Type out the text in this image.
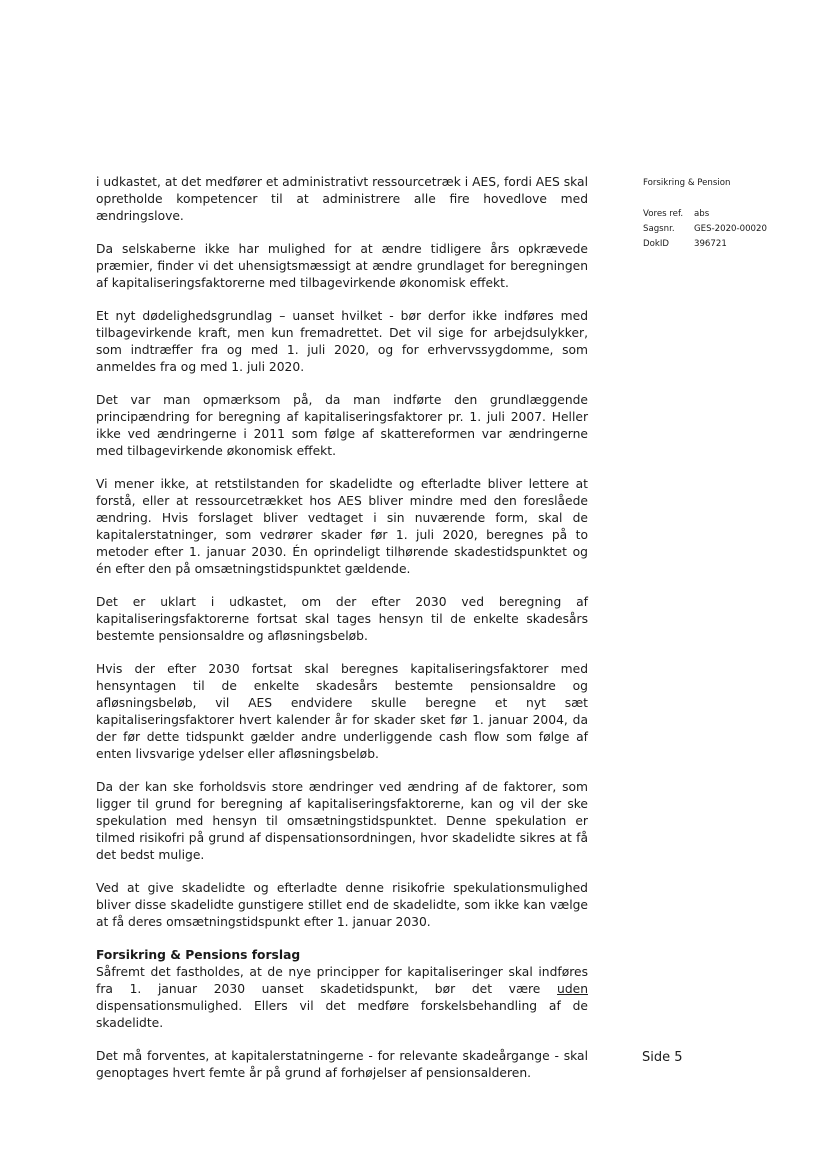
i udkastet, at det medfører et administrativt ressourcetræk i AES, fordi AES skal opretholde kompetencer til at administrere alle fire hovedlove med ændringslove.

Da selskaberne ikke har mulighed for at ændre tidligere års opkrævede præmier, finder vi det uhensigtsmæssigt at ændre grundlaget for beregningen af kapitaliseringsfaktorerne med tilbagevirkende økonomisk effekt.

Et nyt dødelighedsgrundlag – uanset hvilket - bør derfor ikke indføres med tilbagevirkende kraft, men kun fremadrettet. Det vil sige for arbejdsulykker, som indtræffer fra og med 1. juli 2020, og for erhvervssygdomme, som anmeldes fra og med 1. juli 2020.

Det var man opmærksom på, da man indførte den grundlæggende principændring for beregning af kapitaliseringsfaktorer pr. 1. juli 2007. Heller ikke ved ændringerne i 2011 som følge af skattereformen var ændringerne med tilbagevirkende økonomisk effekt.

Vi mener ikke, at retstilstanden for skadelidte og efterladte bliver lettere at forstå, eller at ressourcetrækket hos AES bliver mindre med den foreslåede ændring. Hvis forslaget bliver vedtaget i sin nuværende form, skal de kapitalerstatninger, som vedrører skader før 1. juli 2020, beregnes på to metoder efter 1. januar 2030. Én oprindeligt tilhørende skadestidspunktet og én efter den på omsætningstidspunktet gældende.

Det er uklart i udkastet, om der efter 2030 ved beregning af kapitaliseringsfaktorerne fortsat skal tages hensyn til de enkelte skadesårs bestemte pensionsaldre og afløsningsbeløb.

Hvis der efter 2030 fortsat skal beregnes kapitaliseringsfaktorer med hensyntagen til de enkelte skadesårs bestemte pensionsaldre og afløsningsbeløb, vil AES endvidere skulle beregne et nyt sæt kapitaliseringsfaktorer hvert kalender år for skader sket før 1. januar 2004, da der før dette tidspunkt gælder andre underliggende cash flow som følge af enten livsvarige ydelser eller afløsningsbeløb.

Da der kan ske forholdsvis store ændringer ved ændring af de faktorer, som ligger til grund for beregning af kapitaliseringsfaktorerne, kan og vil der ske spekulation med hensyn til omsætningstidspunktet. Denne spekulation er tilmed risikofri på grund af dispensationsordningen, hvor skadelidte sikres at få det bedst mulige.

Ved at give skadelidte og efterladte denne risikofrie spekulationsmulighed bliver disse skadelidte gunstigere stillet end de skadelidte, som ikke kan vælge at få deres omsætningstidspunkt efter 1. januar 2030.

Forsikring & Pensions forslag

Såfremt det fastholdes, at de nye principper for kapitaliseringer skal indføres fra 1. januar 2030 uanset skadetidspunkt, bør det være uden dispensationsmulighed. Ellers vil det medføre forskelsbehandling af de skadelidte.

Det må forventes, at kapitalerstatningerne - for relevante skadeårgange - skal genoptages hvert femte år på grund af forhøjelser af pensionsalderen.

Forsikring & Pension
Vores ref.	abs
Sagsnr.	GES-2020-00020
DokID	396721
Side 5
